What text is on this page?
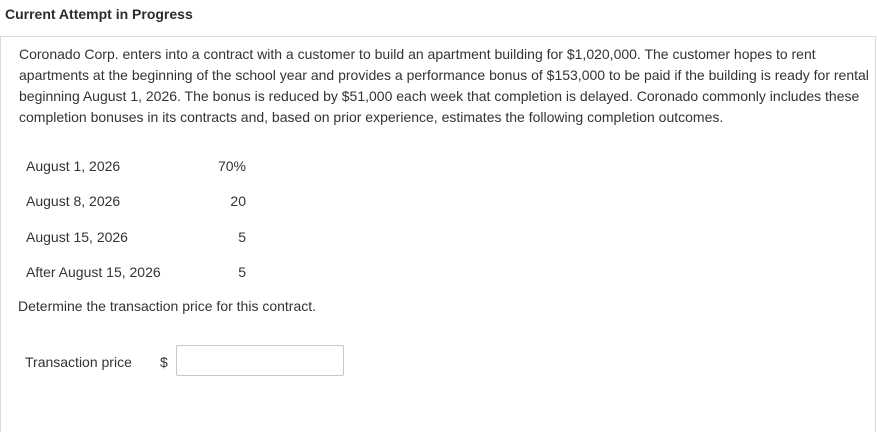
Current Attempt in Progress
Coronado Corp. enters into a contract with a customer to build an apartment building for $1,020,000. The customer hopes to rent apartments at the beginning of the school year and provides a performance bonus of $153,000 to be paid if the building is ready for rental beginning August 1, 2026. The bonus is reduced by $51,000 each week that completion is delayed. Coronado commonly includes these completion bonuses in its contracts and, based on prior experience, estimates the following completion outcomes.
August 1, 2026	70%
August 8, 2026	20
August 15, 2026	5
After August 15, 2026	5
Determine the transaction price for this contract.
Transaction price $
